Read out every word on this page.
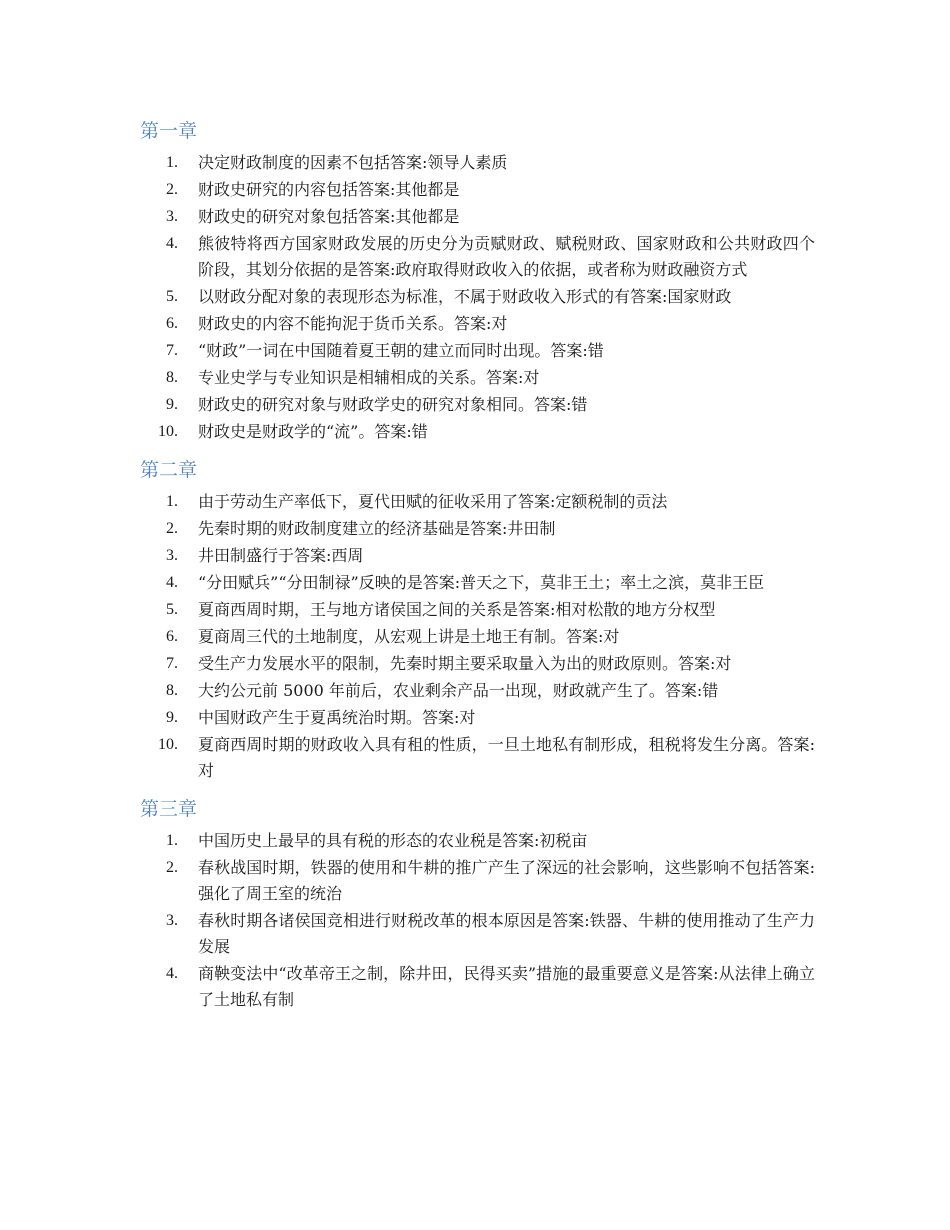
第一章
1. 决定财政制度的因素不包括答案:领导人素质
2. 财政史研究的内容包括答案:其他都是
3. 财政史的研究对象包括答案:其他都是
4. 熊彼特将西方国家财政发展的历史分为贡赋财政、赋税财政、国家财政和公共财政四个阶段，其划分依据的是答案:政府取得财政收入的依据，或者称为财政融资方式
5. 以财政分配对象的表现形态为标准，不属于财政收入形式的有答案:国家财政
6. 财政史的内容不能拘泥于货币关系。答案:对
7. “财政”一词在中国随着夏王朝的建立而同时出现。答案:错
8. 专业史学与专业知识是相辅相成的关系。答案:对
9. 财政史的研究对象与财政学史的研究对象相同。答案:错
10. 财政史是财政学的“流”。答案:错
第二章
1. 由于劳动生产率低下，夏代田赋的征收采用了答案:定额税制的贡法
2. 先秦时期的财政制度建立的经济基础是答案:井田制
3. 井田制盛行于答案:西周
4. “分田赋兵”“分田制禄”反映的是答案:普天之下，莫非王土；率土之滨，莫非王臣
5. 夏商西周时期，王与地方诸侯国之间的关系是答案:相对松散的地方分权型
6. 夏商周三代的土地制度，从宏观上讲是土地王有制。答案:对
7. 受生产力发展水平的限制，先秦时期主要采取量入为出的财政原则。答案:对
8. 大约公元前 5000 年前后，农业剩余产品一出现，财政就产生了。答案:错
9. 中国财政产生于夏禹统治时期。答案:对
10. 夏商西周时期的财政收入具有租的性质，一旦土地私有制形成，租税将发生分离。答案:对
第三章
1. 中国历史上最早的具有税的形态的农业税是答案:初税亩
2. 春秋战国时期，铁器的使用和牛耕的推广产生了深远的社会影响，这些影响不包括答案:强化了周王室的统治
3. 春秋时期各诸侯国竞相进行财税改革的根本原因是答案:铁器、牛耕的使用推动了生产力发展
4. 商鞅变法中“改革帝王之制，除井田，民得买卖”措施的最重要意义是答案:从法律上确立了土地私有制
